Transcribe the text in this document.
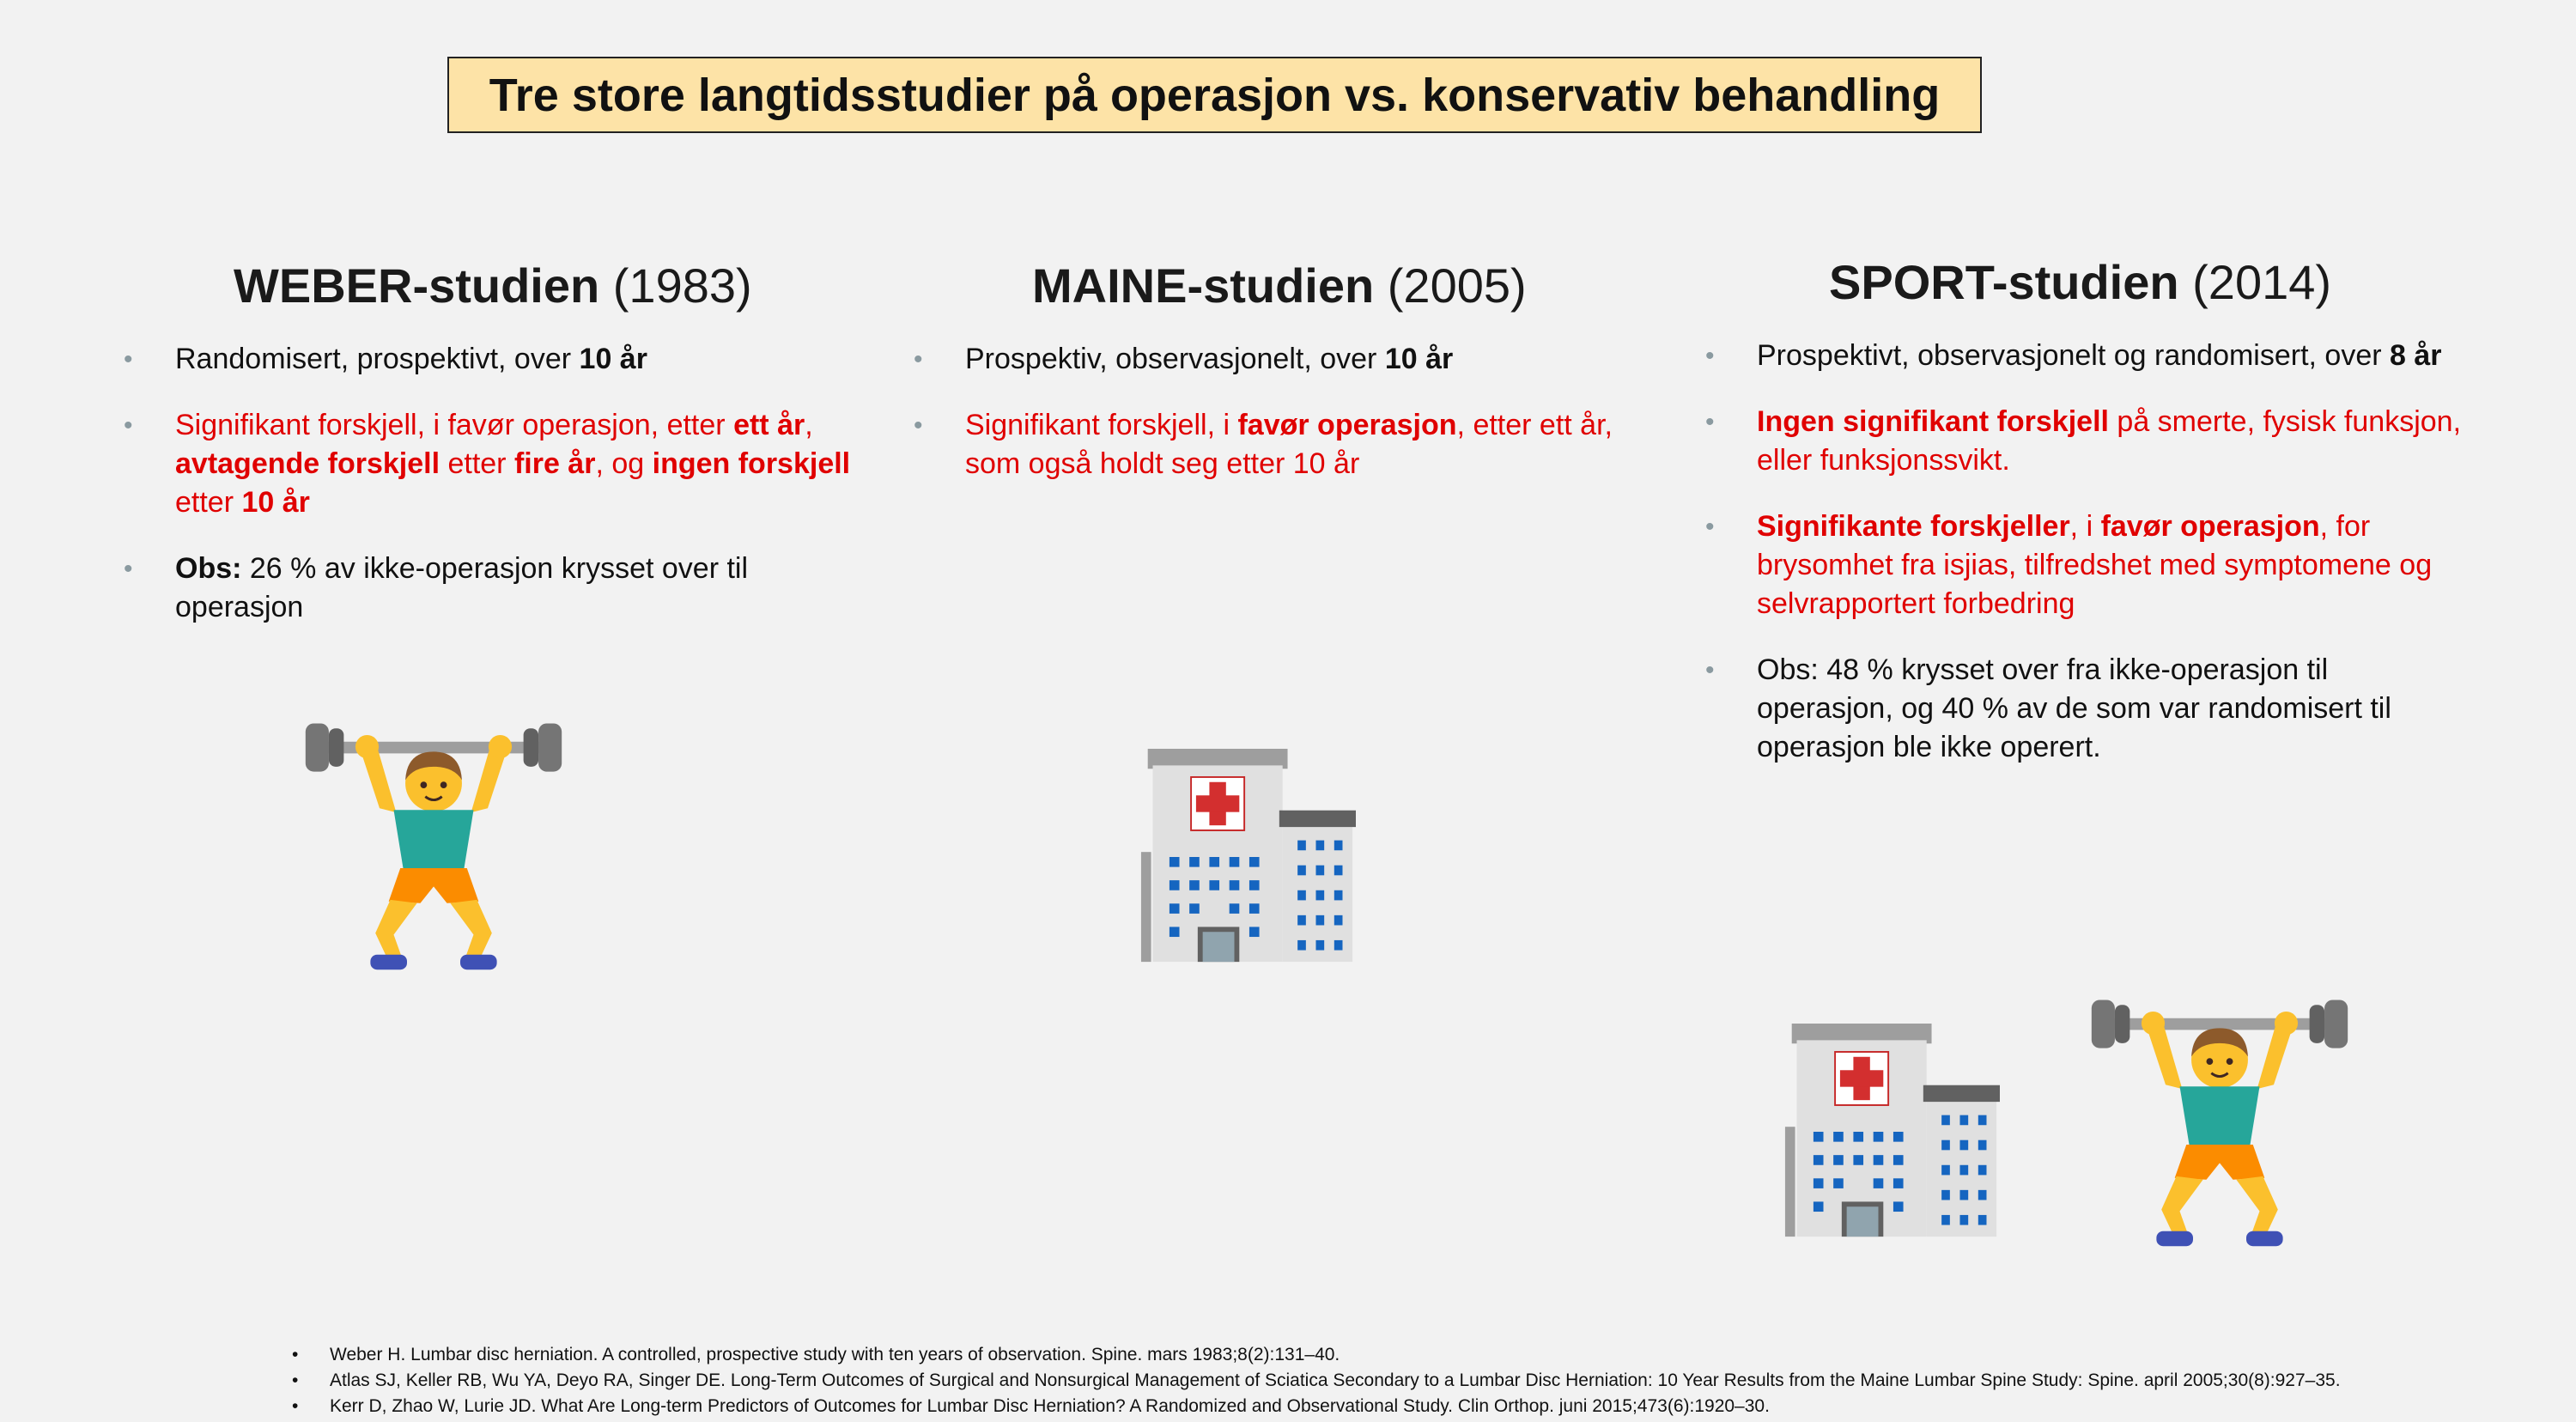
Tre store langtidsstudier på operasjon vs. konservativ behandling
WEBER-studien (1983)
• Randomisert, prospektivt, over 10 år
• Signifikant forskjell, i favør operasjon, etter ett år, avtagende forskjell etter fire år, og ingen forskjell etter 10 år
• Obs: 26 % av ikke-operasjon krysset over til operasjon
MAINE-studien (2005)
• Prospektiv, observasjonelt, over 10 år
• Signifikant forskjell, i favør operasjon, etter ett år, som også holdt seg etter 10 år
SPORT-studien (2014)
• Prospektivt, observasjonelt og randomisert, over 8 år
• Ingen signifikant forskjell på smerte, fysisk funksjon, eller funksjonssvikt.
• Signifikante forskjeller, i favør operasjon, for brysomhet fra isjias, tilfredshet med symptomene og selvrapportert forbedring
• Obs: 48 % krysset over fra ikke-operasjon til operasjon, og 40 % av de som var randomisert til operasjon ble ikke operert.
• Weber H. Lumbar disc herniation. A controlled, prospective study with ten years of observation. Spine. mars 1983;8(2):131–40.
• Atlas SJ, Keller RB, Wu YA, Deyo RA, Singer DE. Long-Term Outcomes of Surgical and Nonsurgical Management of Sciatica Secondary to a Lumbar Disc Herniation: 10 Year Results from the Maine Lumbar Spine Study: Spine. april 2005;30(8):927–35.
• Kerr D, Zhao W, Lurie JD. What Are Long-term Predictors of Outcomes for Lumbar Disc Herniation? A Randomized and Observational Study. Clin Orthop. juni 2015;473(6):1920–30.
